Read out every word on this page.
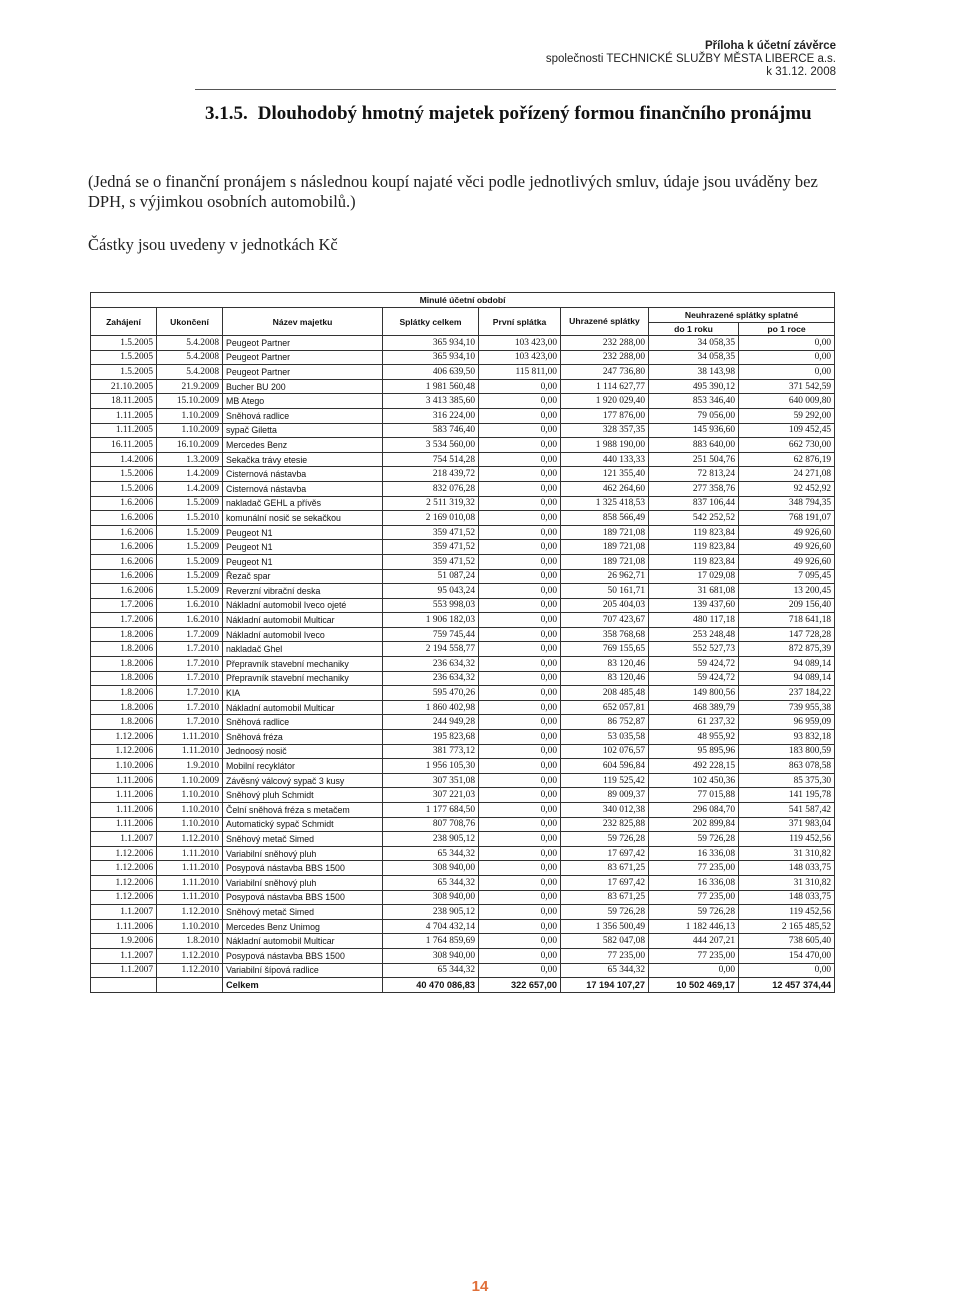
Příloha k účetní závěrce
společnosti TECHNICKÉ SLUŽBY MĚSTA LIBERCE a.s.
k 31.12. 2008
3.1.5. Dlouhodobý hmotný majetek pořízený formou finančního pronájmu
(Jedná se o finanční pronájem s následnou koupí najaté věci podle jednotlivých smluv, údaje jsou uváděny bez DPH, s výjimkou osobních automobilů.)
Částky jsou uvedeny v jednotkách Kč
Minulé účetní období							
Zahájení	Ukončení	Název majetku	Splátky celkem	První splátka	Uhrazené splátky	Neuhrazené splátky splatné	
						do 1 roku	po 1 roce
1.5.2005	5.4.2008	Peugeot Partner	365 934,10	103 423,00	232 288,00	34 058,35	0,00
1.5.2005	5.4.2008	Peugeot Partner	365 934,10	103 423,00	232 288,00	34 058,35	0,00
1.5.2005	5.4.2008	Peugeot Partner	406 639,50	115 811,00	247 736,80	38 143,98	0,00
21.10.2005	21.9.2009	Bucher BU 200	1 981 560,48	0,00	1 114 627,77	495 390,12	371 542,59
18.11.2005	15.10.2009	MB Atego	3 413 385,60	0,00	1 920 029,40	853 346,40	640 009,80
1.11.2005	1.10.2009	Sněhová radlice	316 224,00	0,00	177 876,00	79 056,00	59 292,00
1.11.2005	1.10.2009	sypač Giletta	583 746,40	0,00	328 357,35	145 936,60	109 452,45
16.11.2005	16.10.2009	Mercedes Benz	3 534 560,00	0,00	1 988 190,00	883 640,00	662 730,00
1.4.2006	1.3.2009	Sekačka trávy etesie	754 514,28	0,00	440 133,33	251 504,76	62 876,19
1.5.2006	1.4.2009	Cisternová nástavba	218 439,72	0,00	121 355,40	72 813,24	24 271,08
1.5.2006	1.4.2009	Cisternová nástavba	832 076,28	0,00	462 264,60	277 358,76	92 452,92
1.6.2006	1.5.2009	nakladač GEHL a přívěs	2 511 319,32	0,00	1 325 418,53	837 106,44	348 794,35
1.6.2006	1.5.2010	komunální nosič se sekačkou	2 169 010,08	0,00	858 566,49	542 252,52	768 191,07
1.6.2006	1.5.2009	Peugeot N1	359 471,52	0,00	189 721,08	119 823,84	49 926,60
1.6.2006	1.5.2009	Peugeot N1	359 471,52	0,00	189 721,08	119 823,84	49 926,60
1.6.2006	1.5.2009	Peugeot N1	359 471,52	0,00	189 721,08	119 823,84	49 926,60
1.6.2006	1.5.2009	Řezač spar	51 087,24	0,00	26 962,71	17 029,08	7 095,45
1.6.2006	1.5.2009	Reverzní vibrační deska	95 043,24	0,00	50 161,71	31 681,08	13 200,45
1.7.2006	1.6.2010	Nákladní automobil Iveco ojeté	553 998,03	0,00	205 404,03	139 437,60	209 156,40
1.7.2006	1.6.2010	Nákladní automobil Multicar	1 906 182,03	0,00	707 423,67	480 117,18	718 641,18
1.8.2006	1.7.2009	Nákladní automobil Iveco	759 745,44	0,00	358 768,68	253 248,48	147 728,28
1.8.2006	1.7.2010	nakladač Ghel	2 194 558,77	0,00	769 155,65	552 527,73	872 875,39
1.8.2006	1.7.2010	Přepravník stavební mechaniky	236 634,32	0,00	83 120,46	59 424,72	94 089,14
1.8.2006	1.7.2010	Přepravník stavební mechaniky	236 634,32	0,00	83 120,46	59 424,72	94 089,14
1.8.2006	1.7.2010	KIA	595 470,26	0,00	208 485,48	149 800,56	237 184,22
1.8.2006	1.7.2010	Nákladní automobil Multicar	1 860 402,98	0,00	652 057,81	468 389,79	739 955,38
1.8.2006	1.7.2010	Sněhová radlice	244 949,28	0,00	86 752,87	61 237,32	96 959,09
1.12.2006	1.11.2010	Sněhová fréza	195 823,68	0,00	53 035,58	48 955,92	93 832,18
1.12.2006	1.11.2010	Jednoosý nosič	381 773,12	0,00	102 076,57	95 895,96	183 800,59
1.10.2006	1.9.2010	Mobilní recyklátor	1 956 105,30	0,00	604 596,84	492 228,15	863 078,58
1.11.2006	1.10.2009	Závěsný válcový sypač 3 kusy	307 351,08	0,00	119 525,42	102 450,36	85 375,30
1.11.2006	1.10.2010	Sněhový pluh Schmidt	307 221,03	0,00	89 009,37	77 015,88	141 195,78
1.11.2006	1.10.2010	Čelní sněhová fréza s metačem	1 177 684,50	0,00	340 012,38	296 084,70	541 587,42
1.11.2006	1.10.2010	Automatický sypač Schmidt	807 708,76	0,00	232 825,88	202 899,84	371 983,04
1.1.2007	1.12.2010	Sněhový metač Simed	238 905,12	0,00	59 726,28	59 726,28	119 452,56
1.12.2006	1.11.2010	Variabilní sněhový pluh	65 344,32	0,00	17 697,42	16 336,08	31 310,82
1.12.2006	1.11.2010	Posypová nástavba BBS 1500	308 940,00	0,00	83 671,25	77 235,00	148 033,75
1.12.2006	1.11.2010	Variabilní sněhový pluh	65 344,32	0,00	17 697,42	16 336,08	31 310,82
1.12.2006	1.11.2010	Posypová nástavba BBS 1500	308 940,00	0,00	83 671,25	77 235,00	148 033,75
1.1.2007	1.12.2010	Sněhový metač Simed	238 905,12	0,00	59 726,28	59 726,28	119 452,56
1.11.2006	1.10.2010	Mercedes Benz Unimog	4 704 432,14	0,00	1 356 500,49	1 182 446,13	2 165 485,52
1.9.2006	1.8.2010	Nákladní automobil Multicar	1 764 859,69	0,00	582 047,08	444 207,21	738 605,40
1.1.2007	1.12.2010	Posypová nástavba BBS 1500	308 940,00	0,00	77 235,00	77 235,00	154 470,00
1.1.2007	1.12.2010	Variabilní šípová radlice	65 344,32	0,00	65 344,32	0,00	0,00
		Celkem	40 470 086,83	322 657,00	17 194 107,27	10 502 469,17	12 457 374,44
14
